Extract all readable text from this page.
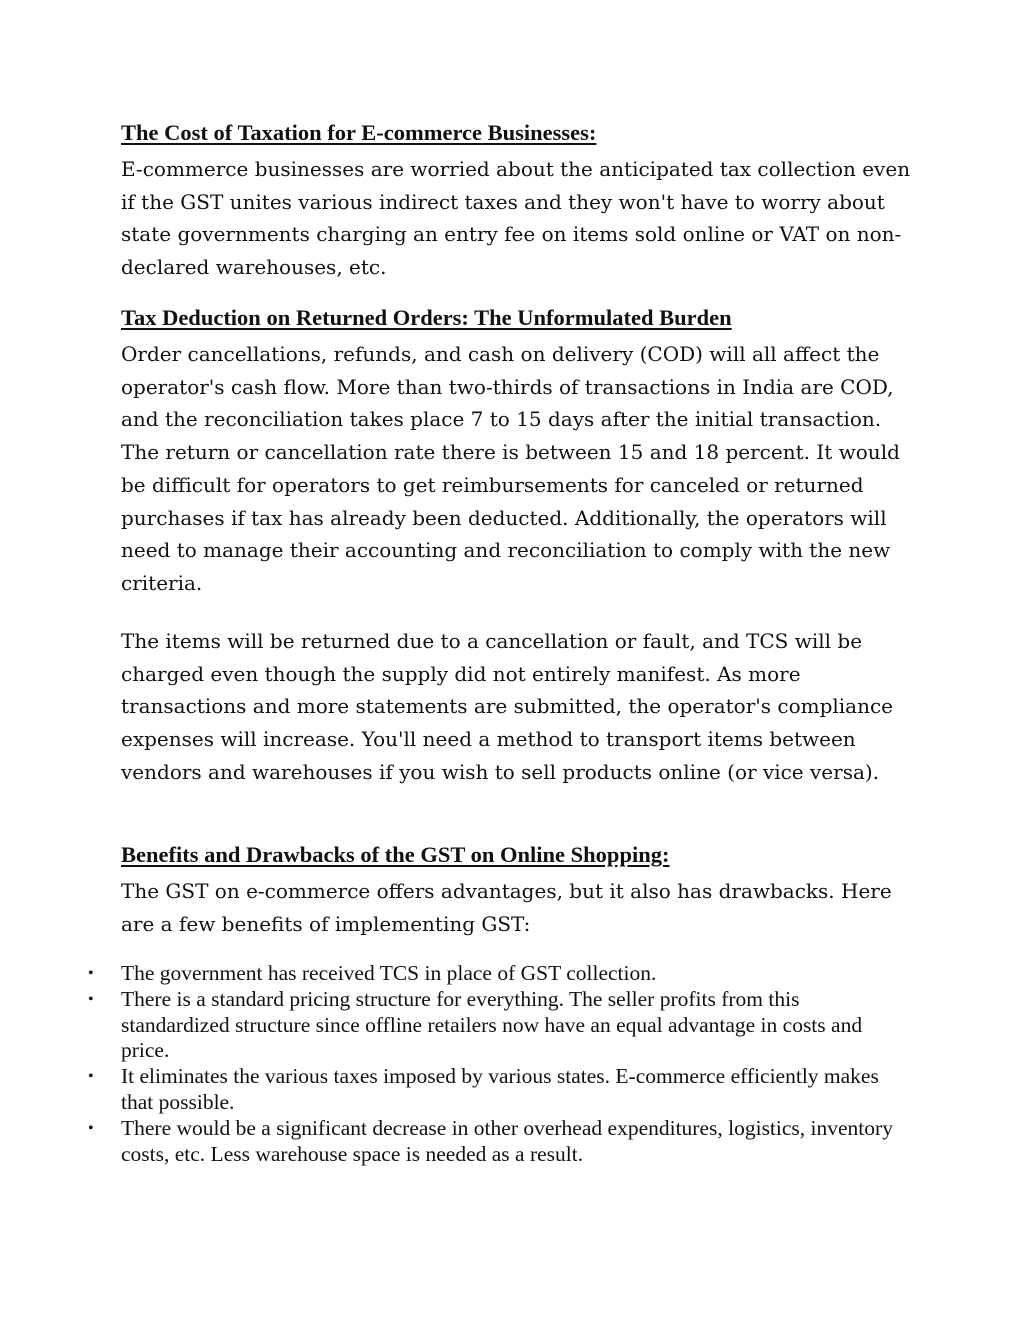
The Cost of Taxation for E-commerce Businesses:

E-commerce businesses are worried about the anticipated tax collection even if the GST unites various indirect taxes and they won't have to worry about state governments charging an entry fee on items sold online or VAT on non-declared warehouses, etc.

Tax Deduction on Returned Orders: The Unformulated Burden

Order cancellations, refunds, and cash on delivery (COD) will all affect the operator's cash flow. More than two-thirds of transactions in India are COD, and the reconciliation takes place 7 to 15 days after the initial transaction. The return or cancellation rate there is between 15 and 18 percent. It would be difficult for operators to get reimbursements for canceled or returned purchases if tax has already been deducted. Additionally, the operators will need to manage their accounting and reconciliation to comply with the new criteria.

The items will be returned due to a cancellation or fault, and TCS will be charged even though the supply did not entirely manifest. As more transactions and more statements are submitted, the operator's compliance expenses will increase. You'll need a method to transport items between vendors and warehouses if you wish to sell products online (or vice versa).

Benefits and Drawbacks of the GST on Online Shopping:

The GST on e-commerce offers advantages, but it also has drawbacks. Here are a few benefits of implementing GST:

• The government has received TCS in place of GST collection.
• There is a standard pricing structure for everything. The seller profits from this standardized structure since offline retailers now have an equal advantage in costs and price.
• It eliminates the various taxes imposed by various states. E-commerce efficiently makes that possible.
• There would be a significant decrease in other overhead expenditures, logistics, inventory costs, etc. Less warehouse space is needed as a result.
